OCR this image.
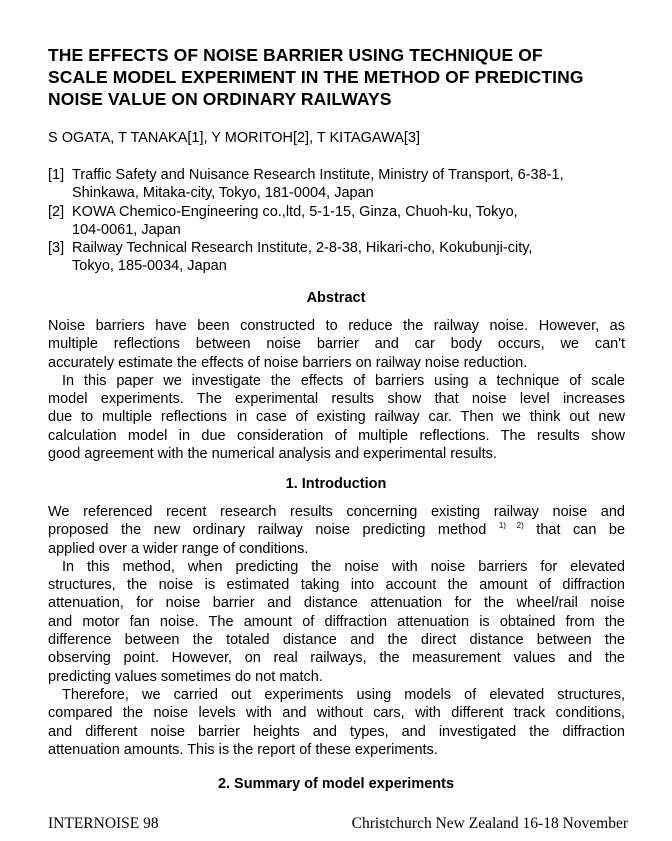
THE EFFECTS OF NOISE BARRIER USING TECHNIQUE OF
SCALE MODEL EXPERIMENT IN THE METHOD OF PREDICTING
NOISE VALUE ON ORDINARY RAILWAYS
S OGATA, T TANAKA[1], Y MORITOH[2], T KITAGAWA[3]
[1] Traffic Safety and Nuisance Research Institute, Ministry of Transport, 6-38-1,
Shinkawa, Mitaka-city, Tokyo, 181-0004, Japan
[2] KOWA Chemico-Engineering co.,ltd, 5-1-15, Ginza, Chuoh-ku, Tokyo,
104-0061, Japan
[3] Railway Technical Research Institute, 2-8-38, Hikari-cho, Kokubunji-city,
Tokyo, 185-0034, Japan
Abstract
Noise barriers have been constructed to reduce the railway noise. However, as
multiple reflections between noise barrier and car body occurs, we can't
accurately estimate the effects of noise barriers on railway noise reduction.
In this paper we investigate the effects of barriers using a technique of scale
model experiments. The experimental results show that noise level increases
due to multiple reflections in case of existing railway car. Then we think out new
calculation model in due consideration of multiple reflections. The results show
good agreement with the numerical analysis and experimental results.
1. Introduction
We referenced recent research results concerning existing railway noise and
proposed the new ordinary railway noise predicting method $^{1) 2)}$ that can be
applied over a wider range of conditions.
In this method, when predicting the noise with noise barriers for elevated
structures, the noise is estimated taking into account the amount of diffraction
attenuation, for noise barrier and distance attenuation for the wheel/rail noise
and motor fan noise. The amount of diffraction attenuation is obtained from the
difference between the totaled distance and the direct distance between the
observing point. However, on real railways, the measurement values and the
predicting values sometimes do not match.
Therefore, we carried out experiments using models of elevated structures,
compared the noise levels with and without cars, with different track conditions,
and different noise barrier heights and types, and investigated the diffraction
attenuation amounts. This is the report of these experiments.
2. Summary of model experiments
INTERNOISE 98	Christchurch New Zealand 16-18 November
